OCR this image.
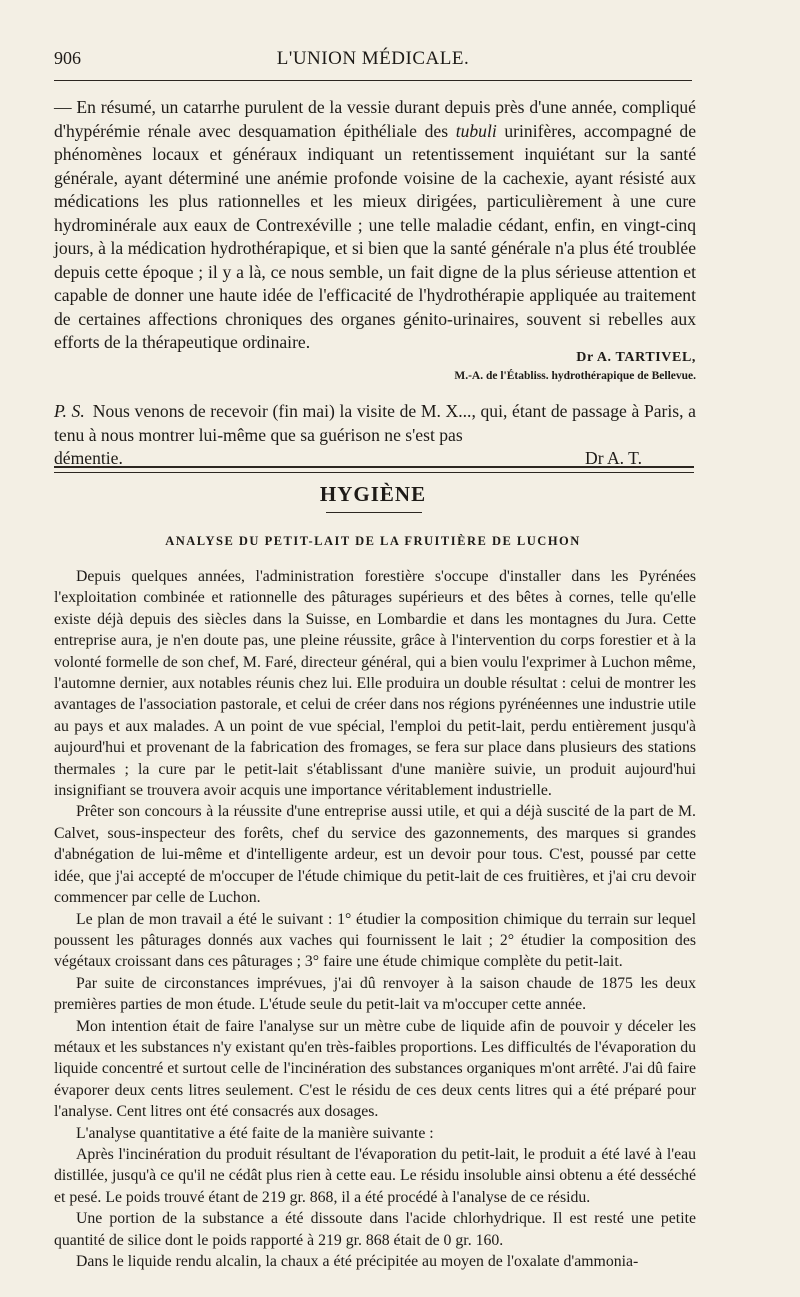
906	L'UNION MÉDICALE.

— En résumé, un catarrhe purulent de la vessie durant depuis près d'une année, compliqué d'hypérémie rénale avec desquamation épithéliale des tubuli urinifères, accompagné de phénomènes locaux et généraux indiquant un retentissement inquiétant sur la santé générale, ayant déterminé une anémie profonde voisine de la cachexie, ayant résisté aux médications les plus rationnelles et les mieux dirigées, particulièrement à une cure hydrominérale aux eaux de Contrexéville ; une telle maladie cédant, enfin, en vingt-cinq jours, à la médication hydrothérapique, et si bien que la santé générale n'a plus été troublée depuis cette époque ; il y a là, ce nous semble, un fait digne de la plus sérieuse attention et capable de donner une haute idée de l'efficacité de l'hydrothérapie appliquée au traitement de certaines affections chroniques des organes génito-urinaires, souvent si rebelles aux efforts de la thérapeutique ordinaire.

Dr A. TARTIVEL,
M.-A. de l'Établiss. hydrothérapique de Bellevue.

P. S. Nous venons de recevoir (fin mai) la visite de M. X..., qui, étant de passage à Paris, a tenu à nous montrer lui-même que sa guérison ne s'est pas

démentie.	Dr A. T.
HYGIÈNE
ANALYSE DU PETIT-LAIT DE LA FRUITIÈRE DE LUCHON

Depuis quelques années, l'administration forestière s'occupe d'installer dans les Pyrénées l'exploitation combinée et rationnelle des pâturages supérieurs et des bêtes à cornes, telle qu'elle existe déjà depuis des siècles dans la Suisse, en Lombardie et dans les montagnes du Jura. Cette entreprise aura, je n'en doute pas, une pleine réussite, grâce à l'intervention du corps forestier et à la volonté formelle de son chef, M. Faré, directeur général, qui a bien voulu l'exprimer à Luchon même, l'automne dernier, aux notables réunis chez lui. Elle produira un double résultat : celui de montrer les avantages de l'association pastorale, et celui de créer dans nos régions pyrénéennes une industrie utile au pays et aux malades. A un point de vue spécial, l'emploi du petit-lait, perdu entièrement jusqu'à aujourd'hui et provenant de la fabrication des fromages, se fera sur place dans plusieurs des stations thermales ; la cure par le petit-lait s'établissant d'une manière suivie, un produit aujourd'hui insignifiant se trouvera avoir acquis une importance véritablement industrielle.

Prêter son concours à la réussite d'une entreprise aussi utile, et qui a déjà suscité de la part de M. Calvet, sous-inspecteur des forêts, chef du service des gazonnements, des marques si grandes d'abnégation de lui-même et d'intelligente ardeur, est un devoir pour tous. C'est, poussé par cette idée, que j'ai accepté de m'occuper de l'étude chimique du petit-lait de ces fruitières, et j'ai cru devoir commencer par celle de Luchon.

Le plan de mon travail a été le suivant : 1° étudier la composition chimique du terrain sur lequel poussent les pâturages donnés aux vaches qui fournissent le lait ; 2° étudier la composition des végétaux croissant dans ces pâturages ; 3° faire une étude chimique complète du petit-lait.

Par suite de circonstances imprévues, j'ai dû renvoyer à la saison chaude de 1875 les deux premières parties de mon étude. L'étude seule du petit-lait va m'occuper cette année.

Mon intention était de faire l'analyse sur un mètre cube de liquide afin de pouvoir y déceler les métaux et les substances n'y existant qu'en très-faibles proportions. Les difficultés de l'évaporation du liquide concentré et surtout celle de l'incinération des substances organiques m'ont arrêté. J'ai dû faire évaporer deux cents litres seulement. C'est le résidu de ces deux cents litres qui a été préparé pour l'analyse. Cent litres ont été consacrés aux dosages.

L'analyse quantitative a été faite de la manière suivante :

Après l'incinération du produit résultant de l'évaporation du petit-lait, le produit a été lavé à l'eau distillée, jusqu'à ce qu'il ne cédât plus rien à cette eau. Le résidu insoluble ainsi obtenu a été desséché et pesé. Le poids trouvé étant de 219 gr. 868, il a été procédé à l'analyse de ce résidu.

Une portion de la substance a été dissoute dans l'acide chlorhydrique. Il est resté une petite quantité de silice dont le poids rapporté à 219 gr. 868 était de 0 gr. 160.

Dans le liquide rendu alcalin, la chaux a été précipitée au moyen de l'oxalate d'ammonia-
